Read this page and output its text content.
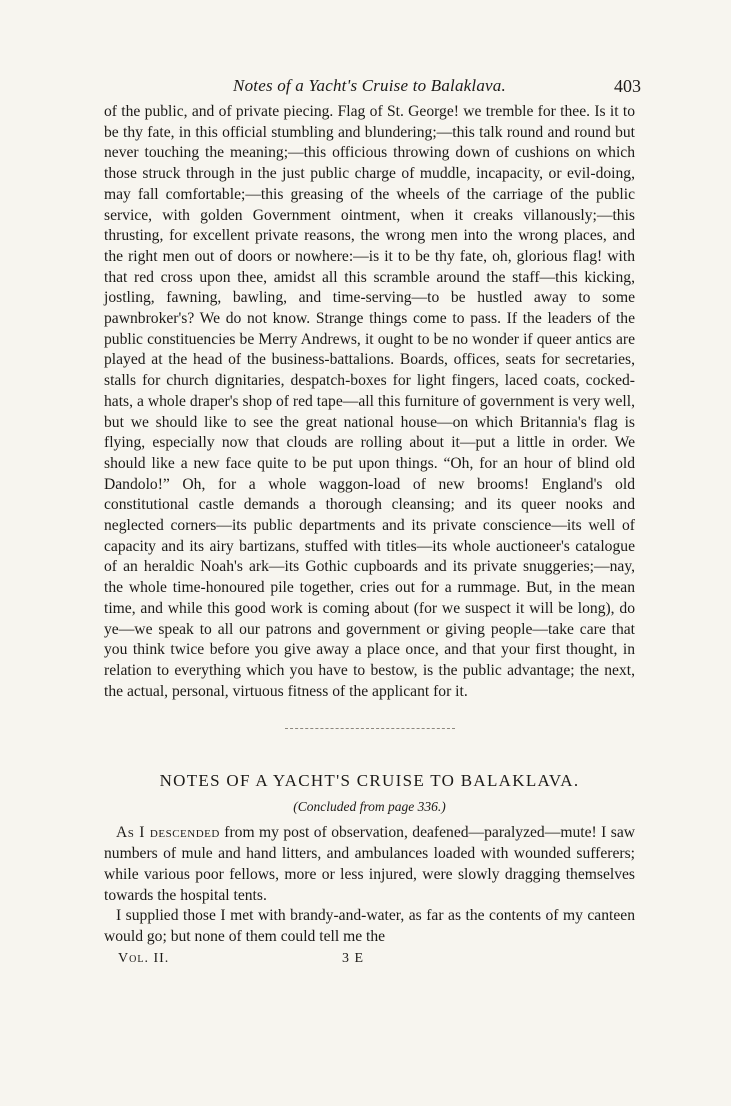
Notes of a Yacht's Cruise to Balaklava.	403

of the public, and of private piecing. Flag of St. George! we tremble for thee. Is it to be thy fate, in this official stumbling and blundering;—this talk round and round but never touching the meaning;—this officious throwing down of cushions on which those struck through in the just public charge of muddle, incapacity, or evil-doing, may fall comfortable;—this greasing of the wheels of the carriage of the public service, with golden Government ointment, when it creaks villanously;—this thrusting, for excellent private reasons, the wrong men into the wrong places, and the right men out of doors or nowhere:—is it to be thy fate, oh, glorious flag! with that red cross upon thee, amidst all this scramble around the staff—this kicking, jostling, fawning, bawling, and time-serving—to be hustled away to some pawnbroker's? We do not know. Strange things come to pass. If the leaders of the public constituencies be Merry Andrews, it ought to be no wonder if queer antics are played at the head of the business-battalions. Boards, offices, seats for secretaries, stalls for church dignitaries, despatch-boxes for light fingers, laced coats, cocked-hats, a whole draper's shop of red tape—all this furniture of government is very well, but we should like to see the great national house—on which Britannia's flag is flying, especially now that clouds are rolling about it—put a little in order. We should like a new face quite to be put upon things. “Oh, for an hour of blind old Dandolo!” Oh, for a whole waggon-load of new brooms! England's old constitutional castle demands a thorough cleansing; and its queer nooks and neglected corners—its public departments and its private conscience—its well of capacity and its airy bartizans, stuffed with titles—its whole auctioneer's catalogue of an heraldic Noah's ark—its Gothic cupboards and its private snuggeries;—nay, the whole time-honoured pile together, cries out for a rummage. But, in the mean time, and while this good work is coming about (for we suspect it will be long), do ye—we speak to all our patrons and government or giving people—take care that you think twice before you give away a place once, and that your first thought, in relation to everything which you have to bestow, is the public advantage; the next, the actual, personal, virtuous fitness of the applicant for it.

NOTES OF A YACHT'S CRUISE TO BALAKLAVA.
(Concluded from page 336.)

As I descended from my post of observation, deafened—paralyzed—mute! I saw numbers of mule and hand litters, and ambulances loaded with wounded sufferers; while various poor fellows, more or less injured, were slowly dragging themselves towards the hospital tents.

I supplied those I met with brandy-and-water, as far as the contents of my canteen would go; but none of them could tell me the

Vol. II.	3 E
